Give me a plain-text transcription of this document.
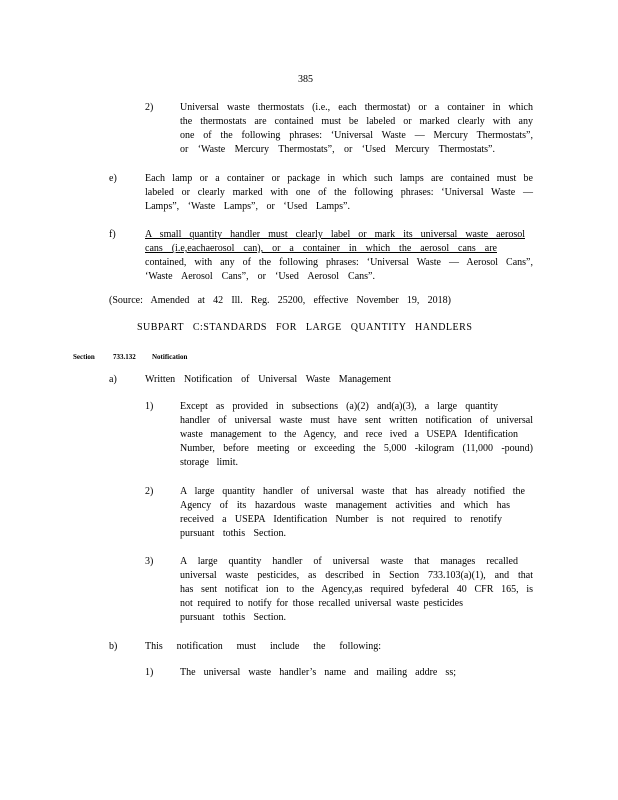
385
2)	Universal waste thermostats (i.e., each thermostat) or a container in which
the thermostats are contained must be labeled or marked clearly with any
one of the following phrases: ‘Universal Waste — Mercury Thermostats”,
or ‘Waste Mercury Thermostats”, or ‘Used Mercury Thermostats”.
e)	Each lamp or a container or package in which such lamps are contained must be
labeled or clearly marked with one of the following phrases: ‘Universal Waste —
Lamps”, ‘Waste Lamps”, or ‘Used Lamps”.
f)	A small quantity handler must clearly label or mark its universal waste aerosol
cans (i.e,eachaerosol can), or a container in which the aerosol cans are
contained, with any of the following phrases: ‘Universal Waste — Aerosol Cans”,
‘Waste Aerosol Cans”, or ‘Used Aerosol Cans”.
(Source: Amended at 42 Ill. Reg. 25200, effective November 19, 2018)
SUBPART C:STANDARDS FOR LARGE QUANTITY HANDLERS
Section	733.132 Notification
a)	Written Notification of Universal Waste Management
1)	Except as provided in subsections (a)(2) and(a)(3), a large quantity
handler of universal waste must have sent written notification of universal
waste management to the Agency, and rece ived a USEPA Identification
Number, before meeting or exceeding the 5,000 -kilogram (11,000 -pound)
storage limit.
2)	A large quantity handler of universal waste that has already notified the
Agency of its hazardous waste management activities and which has
received a USEPA Identification Number is not required to renotify
pursuant tothis Section.
3)	A large quantity handler of universal waste that manages recalled
universal waste pesticides, as described in Section 733.103(a)(1), and that
has sent notificat ion to the Agency,as required byfederal 40 CFR 165, is
not required to notify for those recalled universal waste pesticides
pursuant tothis Section.
b)	This notification must include the following:
1)	The universal waste handler’s name and mailing addre ss;
